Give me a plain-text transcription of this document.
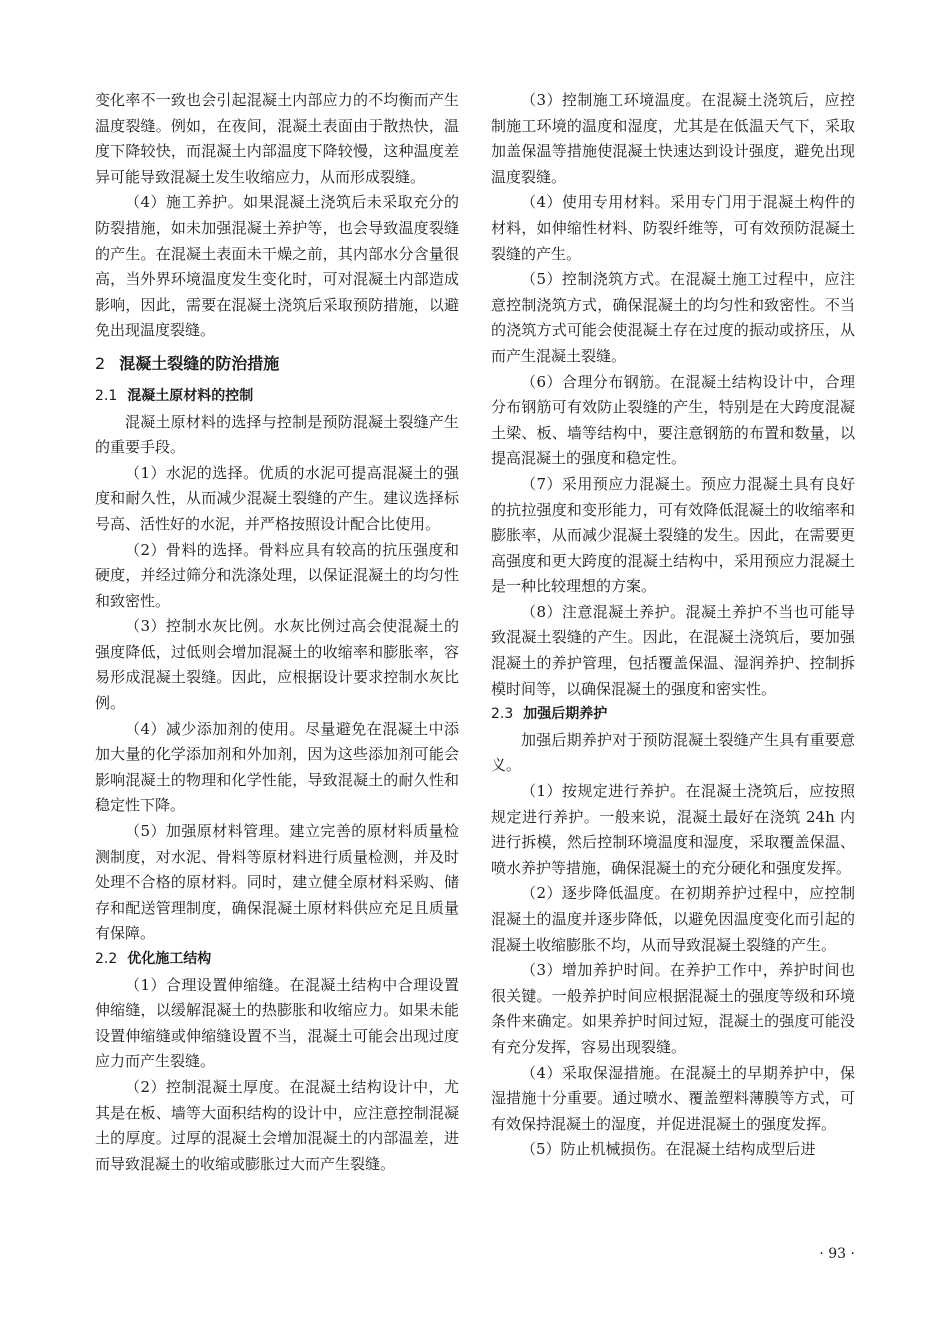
变化率不一致也会引起混凝土内部应力的不均衡而产生温度裂缝。例如，在夜间，混凝土表面由于散热快，温度下降较快，而混凝土内部温度下降较慢，这种温度差异可能导致混凝土发生收缩应力，从而形成裂缝。

（4）施工养护。如果混凝土浇筑后未采取充分的防裂措施，如未加强混凝土养护等，也会导致温度裂缝的产生。在混凝土表面未干燥之前，其内部水分含量很高，当外界环境温度发生变化时，可对混凝土内部造成影响，因此，需要在混凝土浇筑后采取预防措施，以避免出现温度裂缝。

2 混凝土裂缝的防治措施
2.1 混凝土原材料的控制

混凝土原材料的选择与控制是预防混凝土裂缝产生的重要手段。

（1）水泥的选择。优质的水泥可提高混凝土的强度和耐久性，从而减少混凝土裂缝的产生。建议选择标号高、活性好的水泥，并严格按照设计配合比使用。

（2）骨料的选择。骨料应具有较高的抗压强度和硬度，并经过筛分和洗涤处理，以保证混凝土的均匀性和致密性。

（3）控制水灰比例。水灰比例过高会使混凝土的强度降低，过低则会增加混凝土的收缩率和膨胀率，容易形成混凝土裂缝。因此，应根据设计要求控制水灰比例。

（4）减少添加剂的使用。尽量避免在混凝土中添加大量的化学添加剂和外加剂，因为这些添加剂可能会影响混凝土的物理和化学性能，导致混凝土的耐久性和稳定性下降。

（5）加强原材料管理。建立完善的原材料质量检测制度，对水泥、骨料等原材料进行质量检测，并及时处理不合格的原材料。同时，建立健全原材料采购、储存和配送管理制度，确保混凝土原材料供应充足且质量有保障。

2.2 优化施工结构

（1）合理设置伸缩缝。在混凝土结构中合理设置伸缩缝，以缓解混凝土的热膨胀和收缩应力。如果未能设置伸缩缝或伸缩缝设置不当，混凝土可能会出现过度应力而产生裂缝。

（2）控制混凝土厚度。在混凝土结构设计中，尤其是在板、墙等大面积结构的设计中，应注意控制混凝土的厚度。过厚的混凝土会增加混凝土的内部温差，进而导致混凝土的收缩或膨胀过大而产生裂缝。

（3）控制施工环境温度。在混凝土浇筑后，应控制施工环境的温度和湿度，尤其是在低温天气下，采取加盖保温等措施使混凝土快速达到设计强度，避免出现温度裂缝。

（4）使用专用材料。采用专门用于混凝土构件的材料，如伸缩性材料、防裂纤维等，可有效预防混凝土裂缝的产生。

（5）控制浇筑方式。在混凝土施工过程中，应注意控制浇筑方式，确保混凝土的均匀性和致密性。不当的浇筑方式可能会使混凝土存在过度的振动或挤压，从而产生混凝土裂缝。

（6）合理分布钢筋。在混凝土结构设计中，合理分布钢筋可有效防止裂缝的产生，特别是在大跨度混凝土梁、板、墙等结构中，要注意钢筋的布置和数量，以提高混凝土的强度和稳定性。

（7）采用预应力混凝土。预应力混凝土具有良好的抗拉强度和变形能力，可有效降低混凝土的收缩率和膨胀率，从而减少混凝土裂缝的发生。因此，在需要更高强度和更大跨度的混凝土结构中，采用预应力混凝土是一种比较理想的方案。

（8）注意混凝土养护。混凝土养护不当也可能导致混凝土裂缝的产生。因此，在混凝土浇筑后，要加强混凝土的养护管理，包括覆盖保温、湿润养护、控制拆模时间等，以确保混凝土的强度和密实性。

2.3 加强后期养护

加强后期养护对于预防混凝土裂缝产生具有重要意义。

（1）按规定进行养护。在混凝土浇筑后，应按照规定进行养护。一般来说，混凝土最好在浇筑 24h 内进行拆模，然后控制环境温度和湿度，采取覆盖保温、喷水养护等措施，确保混凝土的充分硬化和强度发挥。

（2）逐步降低温度。在初期养护过程中，应控制混凝土的温度并逐步降低，以避免因温度变化而引起的混凝土收缩膨胀不均，从而导致混凝土裂缝的产生。

（3）增加养护时间。在养护工作中，养护时间也很关键。一般养护时间应根据混凝土的强度等级和环境条件来确定。如果养护时间过短，混凝土的强度可能没有充分发挥，容易出现裂缝。

（4）采取保湿措施。在混凝土的早期养护中，保湿措施十分重要。通过喷水、覆盖塑料薄膜等方式，可有效保持混凝土的湿度，并促进混凝土的强度发挥。

（5）防止机械损伤。在混凝土结构成型后进

· 93 ·
